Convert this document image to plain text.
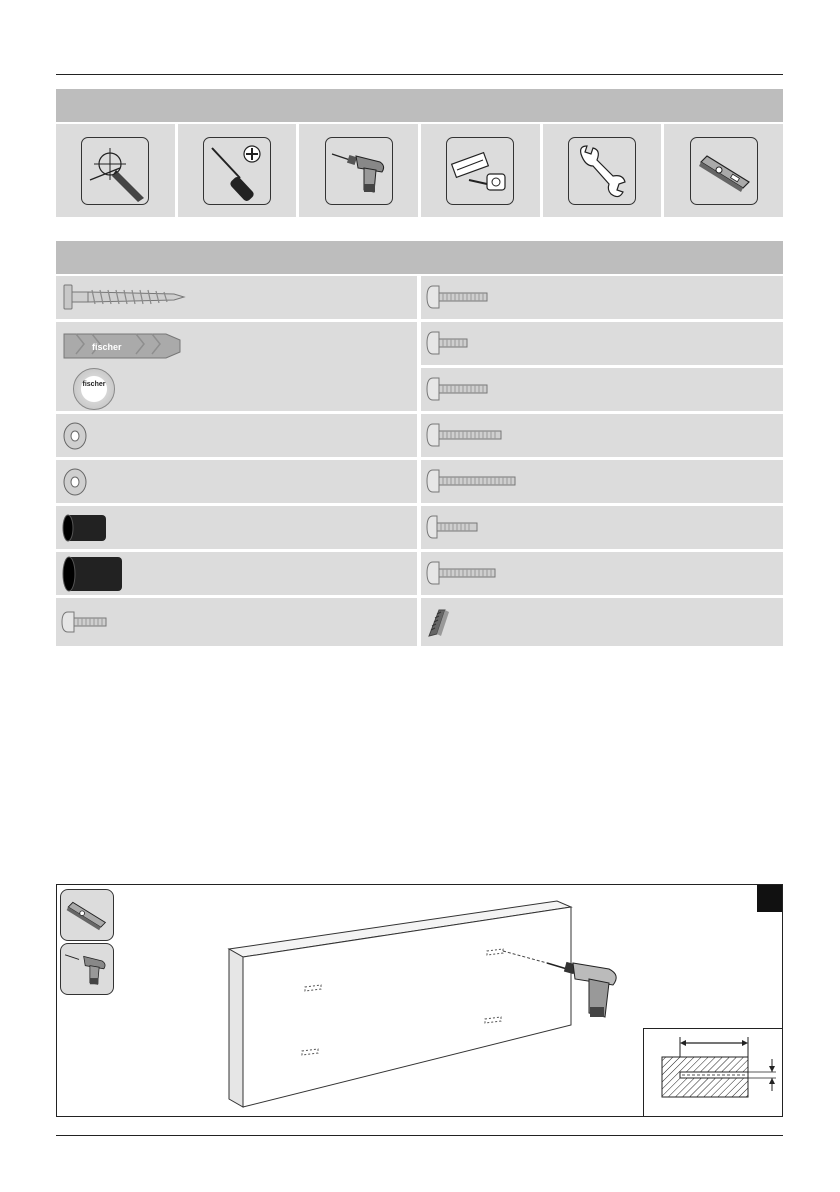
fischer
fischer
